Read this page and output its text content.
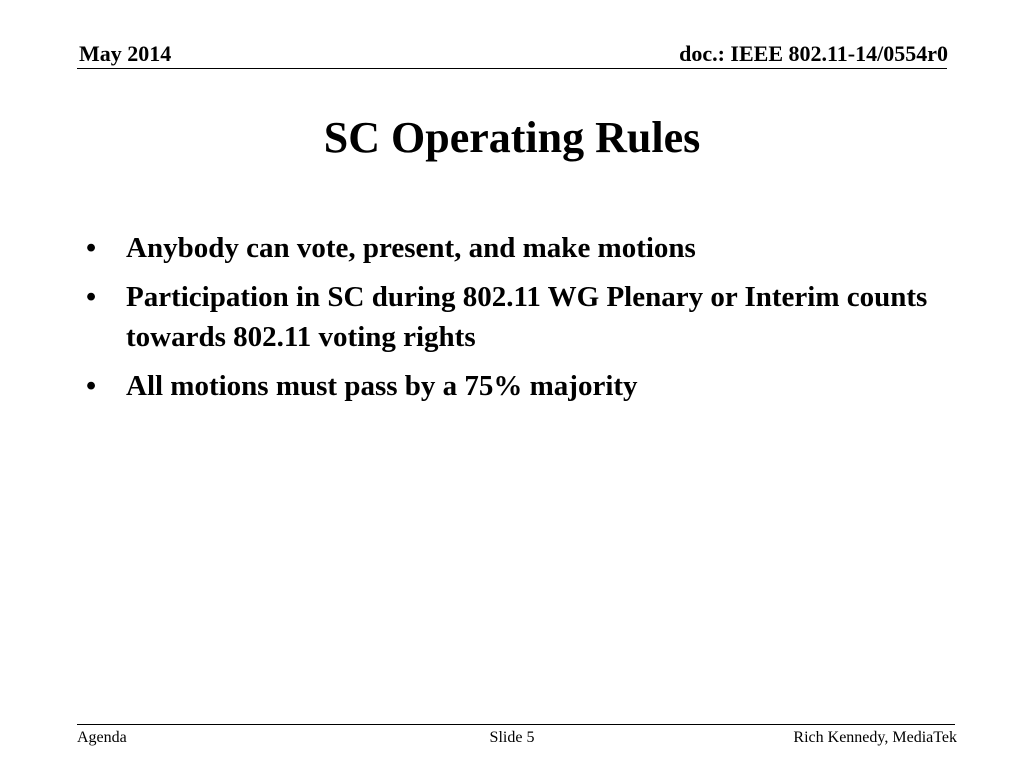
May 2014	doc.: IEEE 802.11-14/0554r0
SC Operating Rules
• Anybody can vote, present, and make motions
• Participation in SC during 802.11 WG Plenary or Interim counts towards 802.11 voting rights
• All motions must pass by a 75% majority
Agenda	Slide 5	Rich Kennedy, MediaTek
